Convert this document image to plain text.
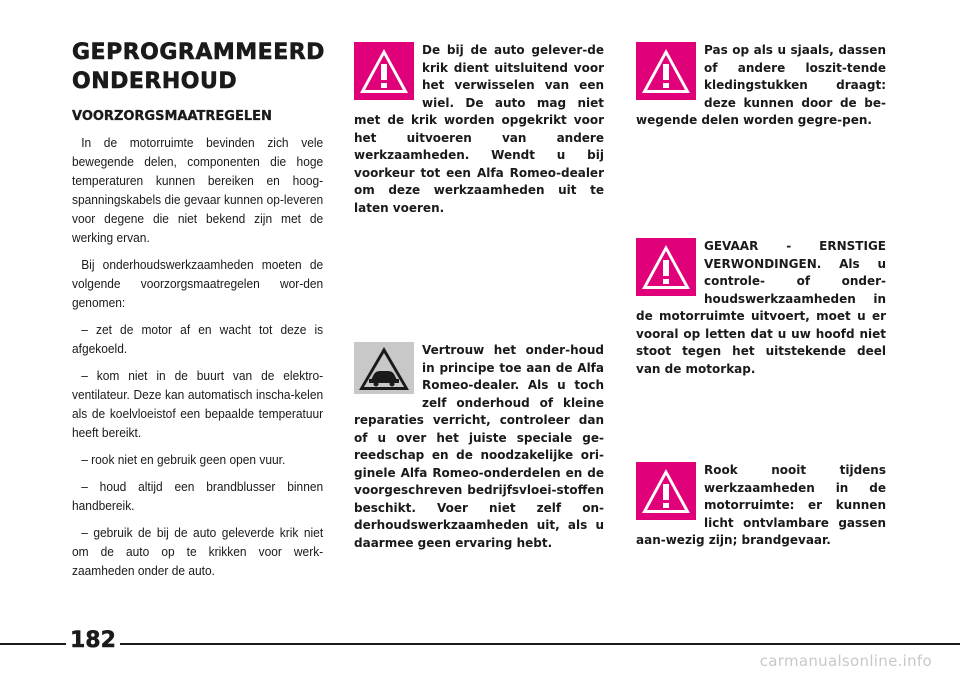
GEPROGRAMMEERD
ONDERHOUD
VOORZORGSMAATREGELEN

In de motorruimte bevinden zich vele bewegende delen, componenten die hoge temperaturen kunnen bereiken en hoog-spanningskabels die gevaar kunnen op-leveren voor degene die niet bekend zijn met de werking ervan.

Bij onderhoudswerkzaamheden moeten de volgende voorzorgsmaatregelen wor-den genomen:

– zet de motor af en wacht tot deze is afgekoeld.

– kom niet in de buurt van de elektro-ventilateur. Deze kan automatisch inscha-kelen als de koelvloeistof een bepaalde temperatuur heeft bereikt.

– rook niet en gebruik geen open vuur.

– houd altijd een brandblusser binnen handbereik.

– gebruik de bij de auto geleverde krik niet om de auto op te krikken voor werk-zaamheden onder de auto.

De bij de auto gelever-de krik dient uitsluitend voor het verwisselen van een wiel. De auto mag niet met de krik worden opgekrikt voor het uitvoeren van andere werkzaamheden. Wendt u bij voorkeur tot een Alfa Romeo-dealer om deze werkzaamheden uit te laten voeren.

Vertrouw het onder-houd in principe toe aan de Alfa Romeo-dealer. Als u toch zelf onderhoud of kleine reparaties verricht, controleer dan of u over het juiste speciale ge-reedschap en de noodzakelijke ori-ginele Alfa Romeo-onderdelen en de voorgeschreven bedrijfsvloei-stoffen beschikt. Voer niet zelf on-derhoudswerkzaamheden uit, als u daarmee geen ervaring hebt.

Pas op als u sjaals, dassen of andere loszit-tende kledingstukken draagt: deze kunnen door de be-wegende delen worden gegre-pen.

GEVAAR - ERNSTIGE VERWONDINGEN. Als u controle- of onder-houdswerkzaamheden in de motorruimte uitvoert, moet u er vooral op letten dat u uw hoofd niet stoot tegen het uitstekende deel van de motorkap.

Rook nooit tijdens werkzaamheden in de motorruimte: er kunnen licht ontvlambare gassen aan-wezig zijn; brandgevaar.

182
carmanualsonline.info
